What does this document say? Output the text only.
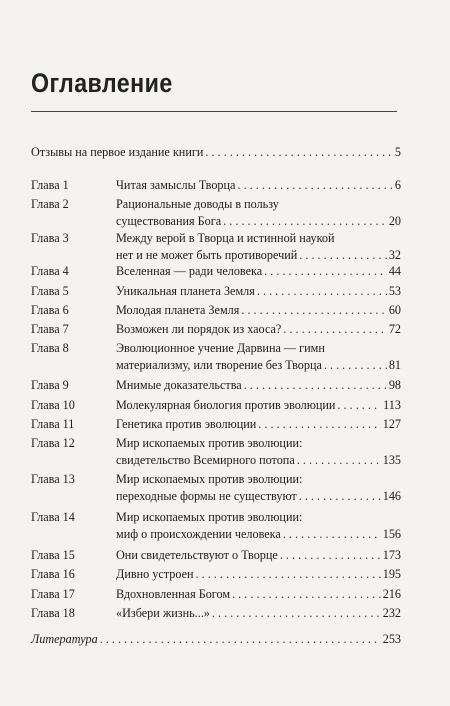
Оглавление
Отзывы на первое издание книги . . .	5
Глава 1	Читая замыслы Творца . . .	6
Глава 2	Рациональные доводы в пользу
существования Бога . . .	20
Глава 3	Между верой в Творца и истинной наукой
нет и не может быть противоречий . . .	32
Глава 4	Вселенная — ради человека . . .	44
Глава 5	Уникальная планета Земля . . .	53
Глава 6	Молодая планета Земля . . .	60
Глава 7	Возможен ли порядок из хаоса? . . .	72
Глава 8	Эволюционное учение Дарвина — гимн
материализму, или творение без Творца . . .	81
Глава 9	Мнимые доказательства . . .	98
Глава 10	Молекулярная биология против эволюции . . .	113
Глава 11	Генетика против эволюции . . .	127
Глава 12	Мир ископаемых против эволюции:
свидетельство Всемирного потопа . . .	135
Глава 13	Мир ископаемых против эволюции:
переходные формы не существуют . . .	146
Глава 14	Мир ископаемых против эволюции:
миф о происхождении человека . . .	156
Глава 15	Они свидетельствуют о Творце . . .	173
Глава 16	Дивно устроен . . .	195
Глава 17	Вдохновленная Богом . . .	216
Глава 18	«Избери жизнь...» . . .	232
Литература . . .	253
